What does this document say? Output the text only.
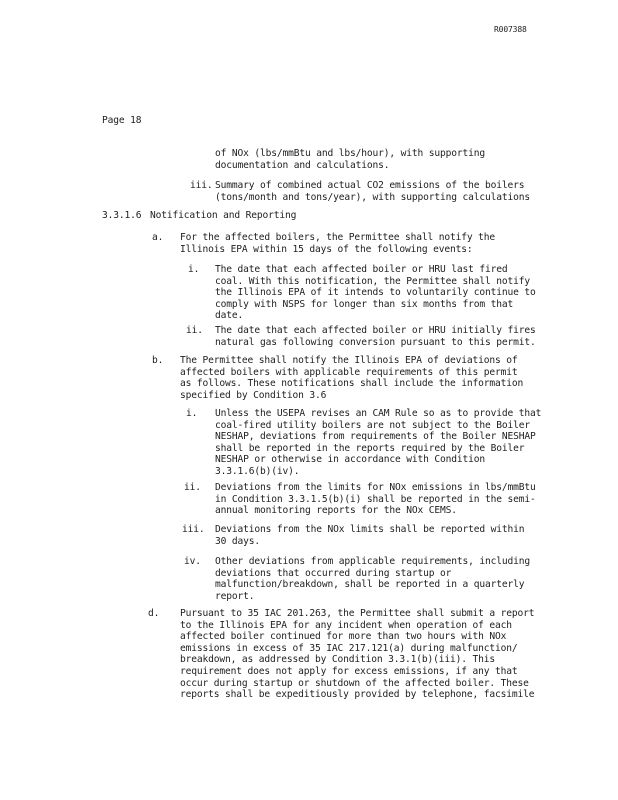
R007388
Page 18
of NOx (lbs/mmBtu and lbs/hour), with supporting
documentation and calculations.
iii. Summary of combined actual CO2 emissions of the boilers
(tons/month and tons/year), with supporting calculations
3.3.1.6 Notification and Reporting
a. For the affected boilers, the Permittee shall notify the
Illinois EPA within 15 days of the following events:
i. The date that each affected boiler or HRU last fired
coal. With this notification, the Permittee shall notify
the Illinois EPA of it intends to voluntarily continue to
comply with NSPS for longer than six months from that
date.
ii. The date that each affected boiler or HRU initially fires
natural gas following conversion pursuant to this permit.
b. The Permittee shall notify the Illinois EPA of deviations of
affected boilers with applicable requirements of this permit
as follows. These notifications shall include the information
specified by Condition 3.6
i. Unless the USEPA revises an CAM Rule so as to provide that
coal-fired utility boilers are not subject to the Boiler
NESHAP, deviations from requirements of the Boiler NESHAP
shall be reported in the reports required by the Boiler
NESHAP or otherwise in accordance with Condition
3.3.1.6(b)(iv).
ii. Deviations from the limits for NOx emissions in lbs/mmBtu
in Condition 3.3.1.5(b)(i) shall be reported in the semi-
annual monitoring reports for the NOx CEMS.
iii. Deviations from the NOx limits shall be reported within
30 days.
iv. Other deviations from applicable requirements, including
deviations that occurred during startup or
malfunction/breakdown, shall be reported in a quarterly
report.
d. Pursuant to 35 IAC 201.263, the Permittee shall submit a report
to the Illinois EPA for any incident when operation of each
affected boiler continued for more than two hours with NOx
emissions in excess of 35 IAC 217.121(a) during malfunction/
breakdown, as addressed by Condition 3.3.1(b)(iii). This
requirement does not apply for excess emissions, if any that
occur during startup or shutdown of the affected boiler. These
reports shall be expeditiously provided by telephone, facsimile
